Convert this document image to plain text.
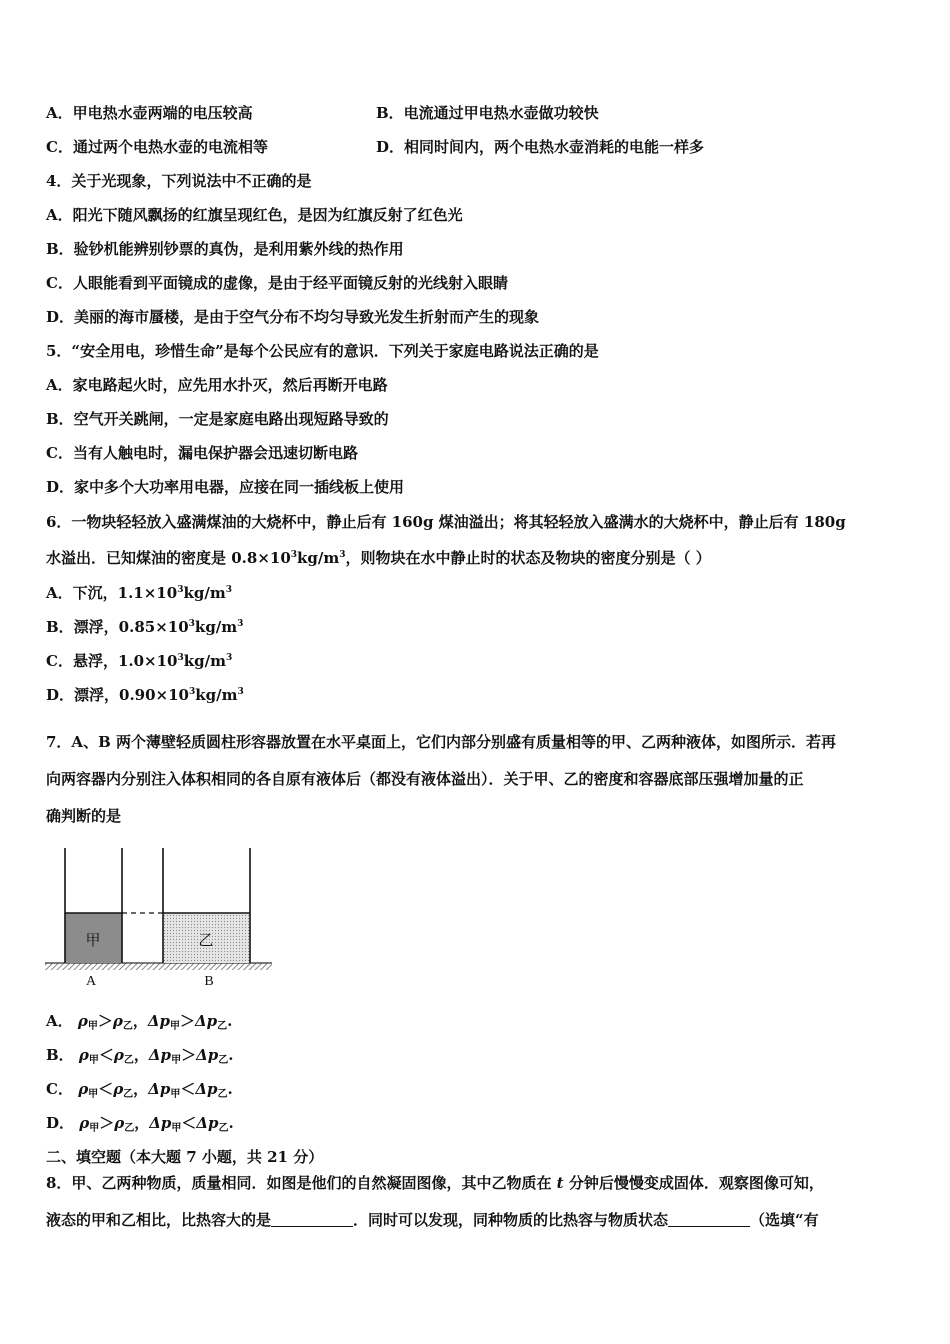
A．甲电热水壶两端的电压较高	B．电流通过甲电热水壶做功较快
C．通过两个电热水壶的电流相等	D．相同时间内，两个电热水壶消耗的电能一样多
4．关于光现象，下列说法中不正确的是
A．阳光下随风飘扬的红旗呈现红色，是因为红旗反射了红色光
B．验钞机能辨别钞票的真伪，是利用紫外线的热作用
C．人眼能看到平面镜成的虚像，是由于经平面镜反射的光线射入眼睛
D．美丽的海市蜃楼，是由于空气分布不均匀导致光发生折射而产生的现象
5．“安全用电，珍惜生命”是每个公民应有的意识．下列关于家庭电路说法正确的是
A．家电路起火时，应先用水扑灭，然后再断开电路
B．空气开关跳闸，一定是家庭电路出现短路导致的
C．当有人触电时，漏电保护器会迅速切断电路
D．家中多个大功率用电器，应接在同一插线板上使用
6．一物块轻轻放入盛满煤油的大烧杯中，静止后有 160g 煤油溢出；将其轻轻放入盛满水的大烧杯中，静止后有 180g
水溢出．已知煤油的密度是 $0.8\times 10^3kg/m^3$，则物块在水中静止时的状态及物块的密度分别是（ ）
A．下沉，$1.1\times 10^3kg/m^3$
B．漂浮，$0.85\times 10^3kg/m^3$
C．悬浮，$1.0\times 10^3kg/m^3$
D．漂浮，$0.90\times 10^3kg/m^3$
7．A、B 两个薄壁轻质圆柱形容器放置在水平桌面上，它们内部分别盛有质量相等的甲、乙两种液体，如图所示．若再
向两容器内分别注入体积相同的各自原有液体后（都没有液体溢出）．关于甲、乙的密度和容器底部压强增加量的正
确判断的是
甲	乙
A	B
A． $\rho_甲>\rho_乙$，$\Delta p_甲>\Delta p_乙$.
B． $\rho_甲<\rho_乙$，$\Delta p_甲>\Delta p_乙$.
C． $\rho_甲<\rho_乙$，$\Delta p_甲<\Delta p_乙$.
D． $\rho_甲>\rho_乙$，$\Delta p_甲<\Delta p_乙$.
二、填空题（本大题 7 小题，共 21 分）
8．甲、乙两种物质，质量相同．如图是他们的自然凝固图像，其中乙物质在 t 分钟后慢慢变成固体．观察图像可知，
液态的甲和乙相比，比热容大的是	．同时可以发现，同种物质的比热容与物质状态	（选填“有
